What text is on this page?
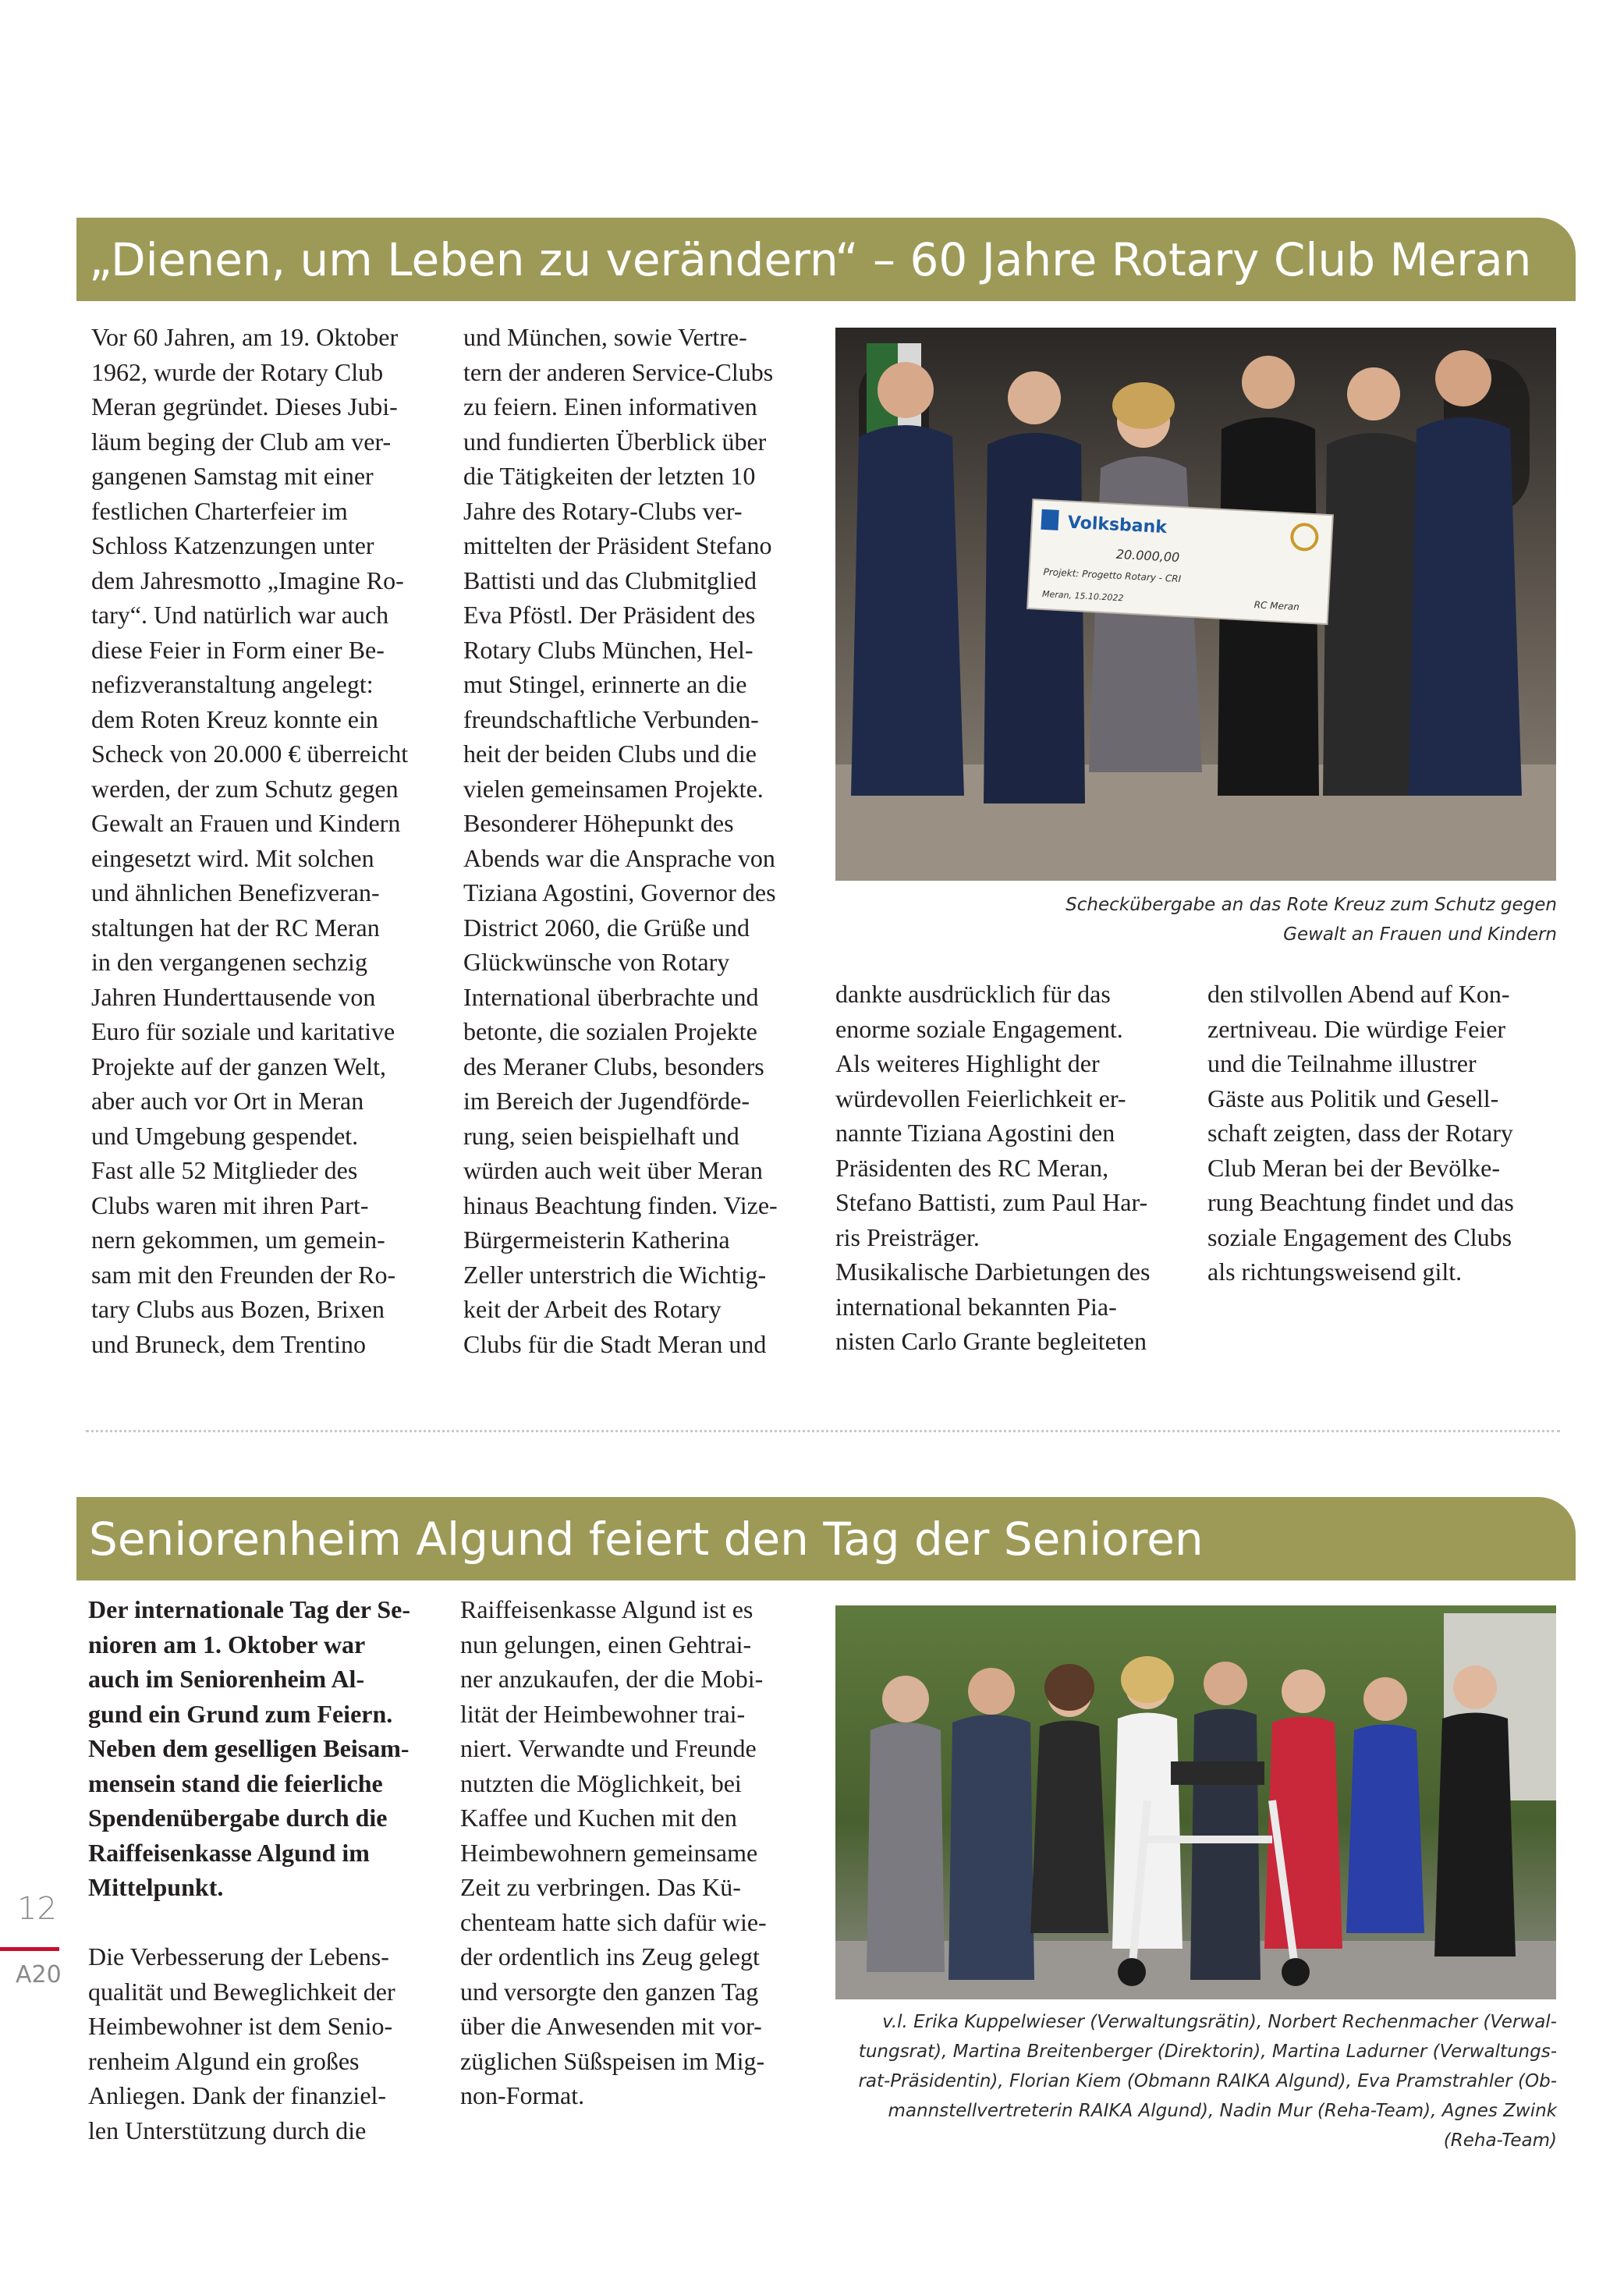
„Dienen, um Leben zu verändern“ – 60 Jahre Rotary Club Meran
Vor 60 Jahren, am 19. Oktober
1962, wurde der Rotary Club
Meran gegründet. Dieses Jubi-
läum beging der Club am ver-
gangenen Samstag mit einer
festlichen Charterfeier im
Schloss Katzenzungen unter
dem Jahresmotto „Imagine Ro-
tary“. Und natürlich war auch
diese Feier in Form einer Be-
nefizveranstaltung angelegt:
dem Roten Kreuz konnte ein
Scheck von 20.000 € überreicht
werden, der zum Schutz gegen
Gewalt an Frauen und Kindern
eingesetzt wird. Mit solchen
und ähnlichen Benefizveran-
staltungen hat der RC Meran
in den vergangenen sechzig
Jahren Hunderttausende von
Euro für soziale und karitative
Projekte auf der ganzen Welt,
aber auch vor Ort in Meran
und Umgebung gespendet.
Fast alle 52 Mitglieder des
Clubs waren mit ihren Part-
nern gekommen, um gemein-
sam mit den Freunden der Ro-
tary Clubs aus Bozen, Brixen
und Bruneck, dem Trentino
und München, sowie Vertre-
tern der anderen Service-Clubs
zu feiern. Einen informativen
und fundierten Überblick über
die Tätigkeiten der letzten 10
Jahre des Rotary-Clubs ver-
mittelten der Präsident Stefano
Battisti und das Clubmitglied
Eva Pföstl. Der Präsident des
Rotary Clubs München, Hel-
mut Stingel, erinnerte an die
freundschaftliche Verbunden-
heit der beiden Clubs und die
vielen gemeinsamen Projekte.
Besonderer Höhepunkt des
Abends war die Ansprache von
Tiziana Agostini, Governor des
District 2060, die Grüße und
Glückwünsche von Rotary
International überbrachte und
betonte, die sozialen Projekte
des Meraner Clubs, besonders
im Bereich der Jugendförde-
rung, seien beispielhaft und
würden auch weit über Meran
hinaus Beachtung finden. Vize-
Bürgermeisterin Katherina
Zeller unterstrich die Wichtig-
keit der Arbeit des Rotary
Clubs für die Stadt Meran und
Volksbank
20.000,00
Projekt: Progetto Rotary - CRI
Meran, 15.10.2022
RC Meran
Scheckübergabe an das Rote Kreuz zum Schutz gegen
Gewalt an Frauen und Kindern
dankte ausdrücklich für das
enorme soziale Engagement.
Als weiteres Highlight der
würdevollen Feierlichkeit er-
nannte Tiziana Agostini den
Präsidenten des RC Meran,
Stefano Battisti, zum Paul Har-
ris Preisträger.
Musikalische Darbietungen des
international bekannten Pia-
nisten Carlo Grante begleiteten
den stilvollen Abend auf Kon-
zertniveau. Die würdige Feier
und die Teilnahme illustrer
Gäste aus Politik und Gesell-
schaft zeigten, dass der Rotary
Club Meran bei der Bevölke-
rung Beachtung findet und das
soziale Engagement des Clubs
als richtungsweisend gilt.
Seniorenheim Algund feiert den Tag der Senioren
Der internationale Tag der Se-
nioren am 1. Oktober war
auch im Seniorenheim Al-
gund ein Grund zum Feiern.
Neben dem geselligen Beisam-
mensein stand die feierliche
Spendenübergabe durch die
Raiffeisenkasse Algund im
Mittelpunkt.
Die Verbesserung der Lebens-
qualität und Beweglichkeit der
Heimbewohner ist dem Senio-
renheim Algund ein großes
Anliegen. Dank der finanziel-
len Unterstützung durch die
Raiffeisenkasse Algund ist es
nun gelungen, einen Gehtrai-
ner anzukaufen, der die Mobi-
lität der Heimbewohner trai-
niert. Verwandte und Freunde
nutzten die Möglichkeit, bei
Kaffee und Kuchen mit den
Heimbewohnern gemeinsame
Zeit zu verbringen. Das Kü-
chenteam hatte sich dafür wie-
der ordentlich ins Zeug gelegt
und versorgte den ganzen Tag
über die Anwesenden mit vor-
züglichen Süßspeisen im Mig-
non-Format.
v.l. Erika Kuppelwieser (Verwaltungsrätin), Norbert Rechenmacher (Verwal-
tungsrat), Martina Breitenberger (Direktorin), Martina Ladurner (Verwaltungs-
rat-Präsidentin), Florian Kiem (Obmann RAIKA Algund), Eva Pramstrahler (Ob-
mannstellvertreterin RAIKA Algund), Nadin Mur (Reha-Team), Agnes Zwink
(Reha-Team)
12
A20
